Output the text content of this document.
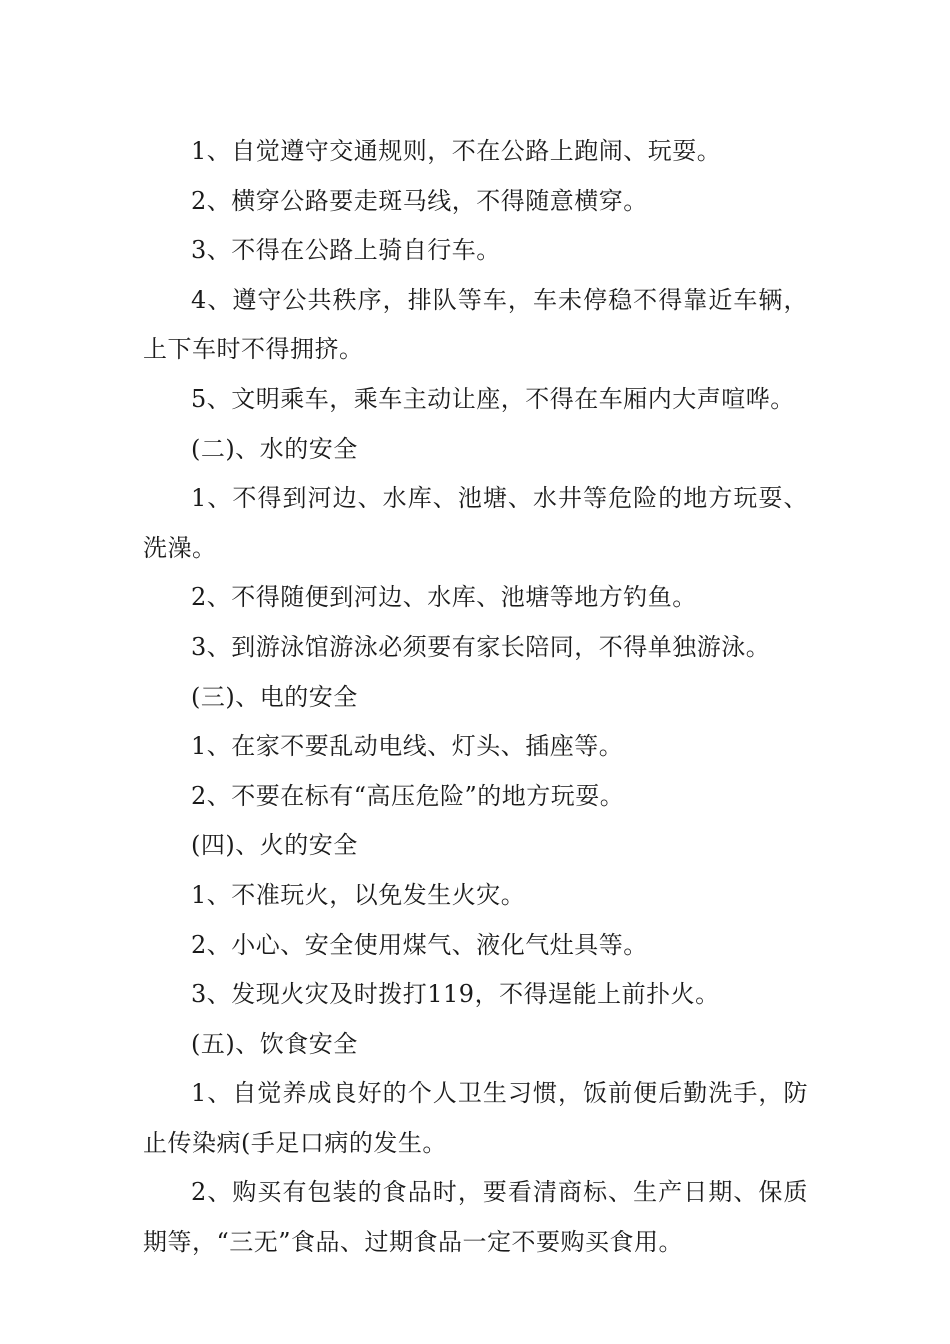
1、自觉遵守交通规则，不在公路上跑闹、玩耍。

2、横穿公路要走斑马线，不得随意横穿。

3、不得在公路上骑自行车。

4、遵守公共秩序，排队等车，车未停稳不得靠近车辆，上下车时不得拥挤。

5、文明乘车，乘车主动让座，不得在车厢内大声喧哗。

(二)、水的安全

1、不得到河边、水库、池塘、水井等危险的地方玩耍、洗澡。

2、不得随便到河边、水库、池塘等地方钓鱼。

3、到游泳馆游泳必须要有家长陪同，不得单独游泳。

(三)、电的安全

1、在家不要乱动电线、灯头、插座等。

2、不要在标有“高压危险”的地方玩耍。

(四)、火的安全

1、不准玩火，以免发生火灾。

2、小心、安全使用煤气、液化气灶具等。

3、发现火灾及时拨打119，不得逞能上前扑火。

(五)、饮食安全

1、自觉养成良好的个人卫生习惯，饭前便后勤洗手，防止传染病(手足口病的发生。

2、购买有包装的食品时，要看清商标、生产日期、保质期等，“三无”食品、过期食品一定不要购买食用。
